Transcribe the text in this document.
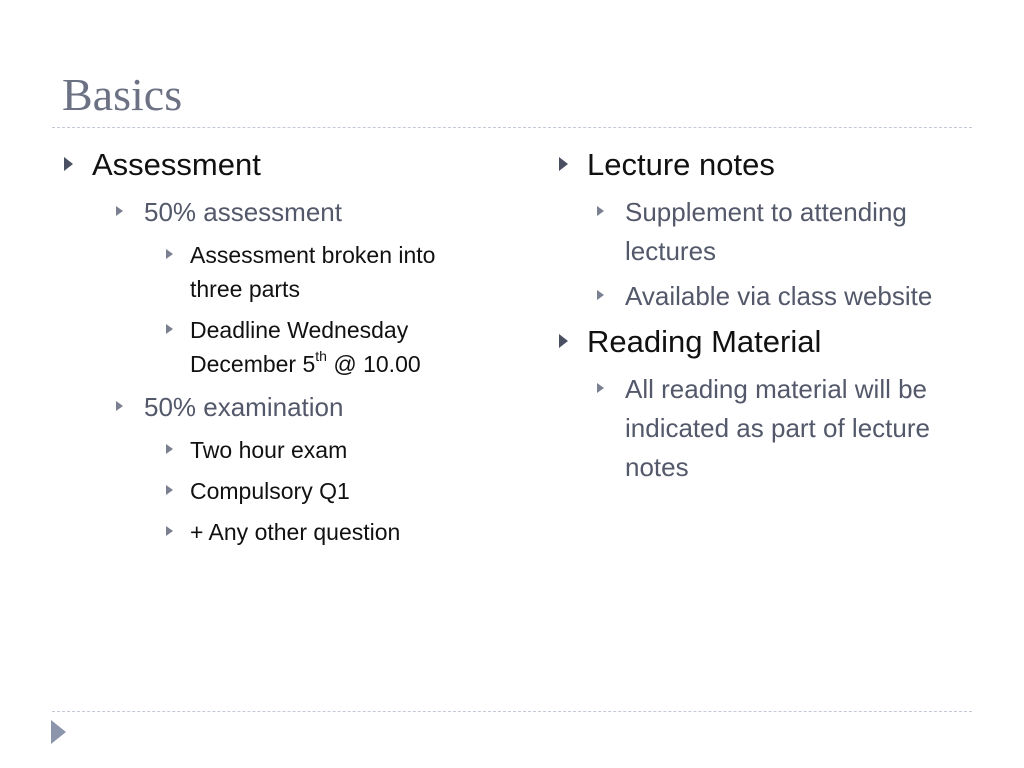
Basics
Assessment
50% assessment
Assessment broken into three parts
Deadline Wednesday December 5th @ 10.00
50% examination
Two hour exam
Compulsory Q1
+ Any other question
Lecture notes
Supplement to attending lectures
Available via class website
Reading Material
All reading material will be indicated as part of lecture notes
